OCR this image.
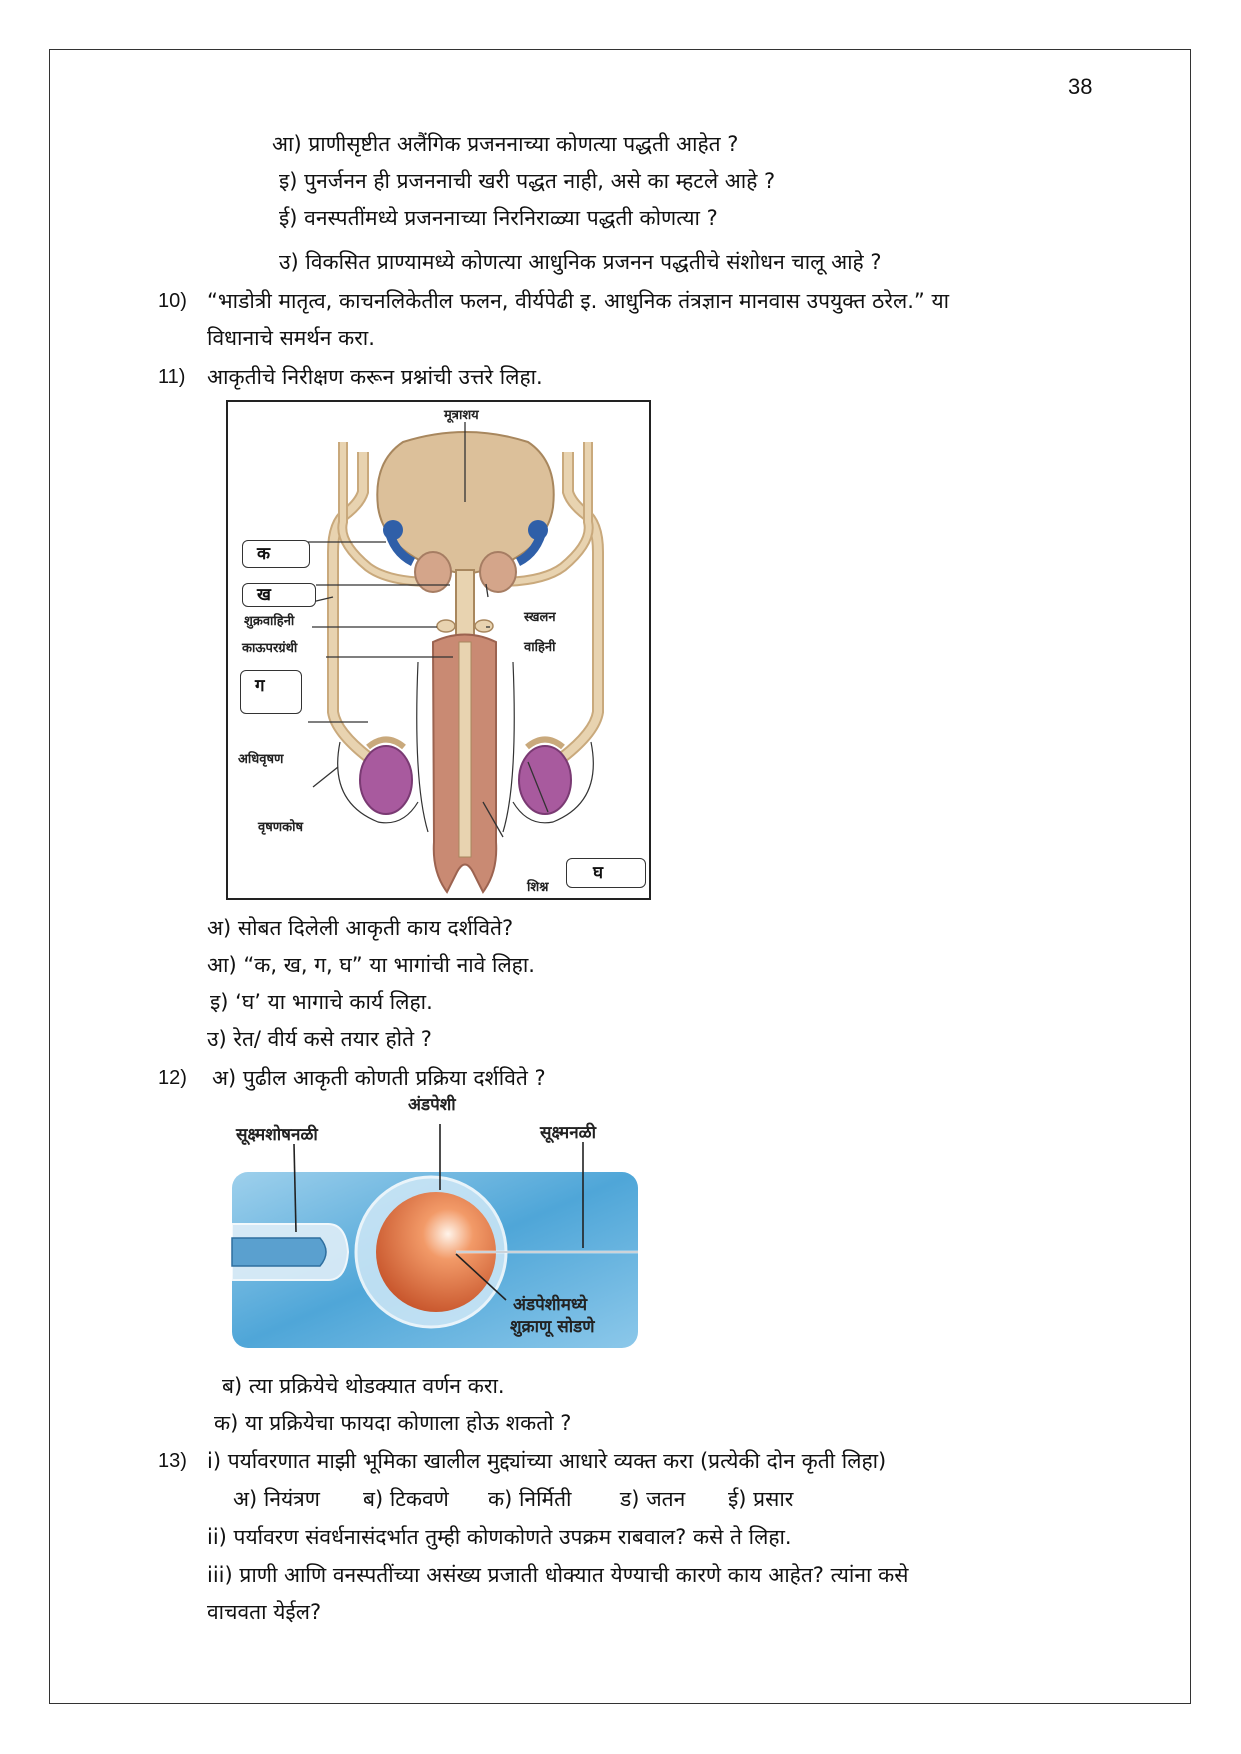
38
आ) प्राणीसृष्टीत अलैंगिक प्रजननाच्या कोणत्या पद्धती आहेत ?
इ) पुनर्जनन ही प्रजननाची खरी पद्धत नाही, असे का म्हटले आहे ?
ई) वनस्पतींमध्ये प्रजननाच्या निरनिराळ्या पद्धती कोणत्या ?
उ) विकसित प्राण्यामध्ये कोणत्या आधुनिक प्रजनन पद्धतीचे संशोधन चालू आहे ?
10) “भाडोत्री मातृत्व, काचनलिकेतील फलन, वीर्यपेढी इ. आधुनिक तंत्रज्ञान मानवास उपयुक्त ठरेल.” या
विधानाचे समर्थन करा.
11) आकृतीचे निरीक्षण करून प्रश्नांची उत्तरे लिहा.
मूत्राशय
क
ख
शुक्रवाहिनी
काऊपरग्रंथी
ग
अधिवृषण
वृषणकोष
स्खलन
वाहिनी
घ
शिश्न
अ) सोबत दिलेली आकृती काय दर्शविते?
आ) “क, ख, ग, घ” या भागांची नावे लिहा.
इ) ‘घ’ या भागाचे कार्य लिहा.
उ) रेत/ वीर्य कसे तयार होते ?
12) अ) पुढील आकृती कोणती प्रक्रिया दर्शविते ?
अंडपेशी
सूक्ष्मशोषनळी	सूक्ष्मनळी
अंडपेशीमध्ये
शुक्राणू सोडणे
ब) त्या प्रक्रियेचे थोडक्यात वर्णन करा.
क) या प्रक्रियेचा फायदा कोणाला होऊ शकतो ?
13) i) पर्यावरणात माझी भूमिका खालील मुद्द्यांच्या आधारे व्यक्त करा (प्रत्येकी दोन कृती लिहा)
अ) नियंत्रण ब) टिकवणे क) निर्मिती ड) जतन ई) प्रसार
ii) पर्यावरण संवर्धनासंदर्भात तुम्ही कोणकोणते उपक्रम राबवाल? कसे ते लिहा.
iii) प्राणी आणि वनस्पतींच्या असंख्य प्रजाती धोक्यात येण्याची कारणे काय आहेत? त्यांना कसे
वाचवता येईल?
